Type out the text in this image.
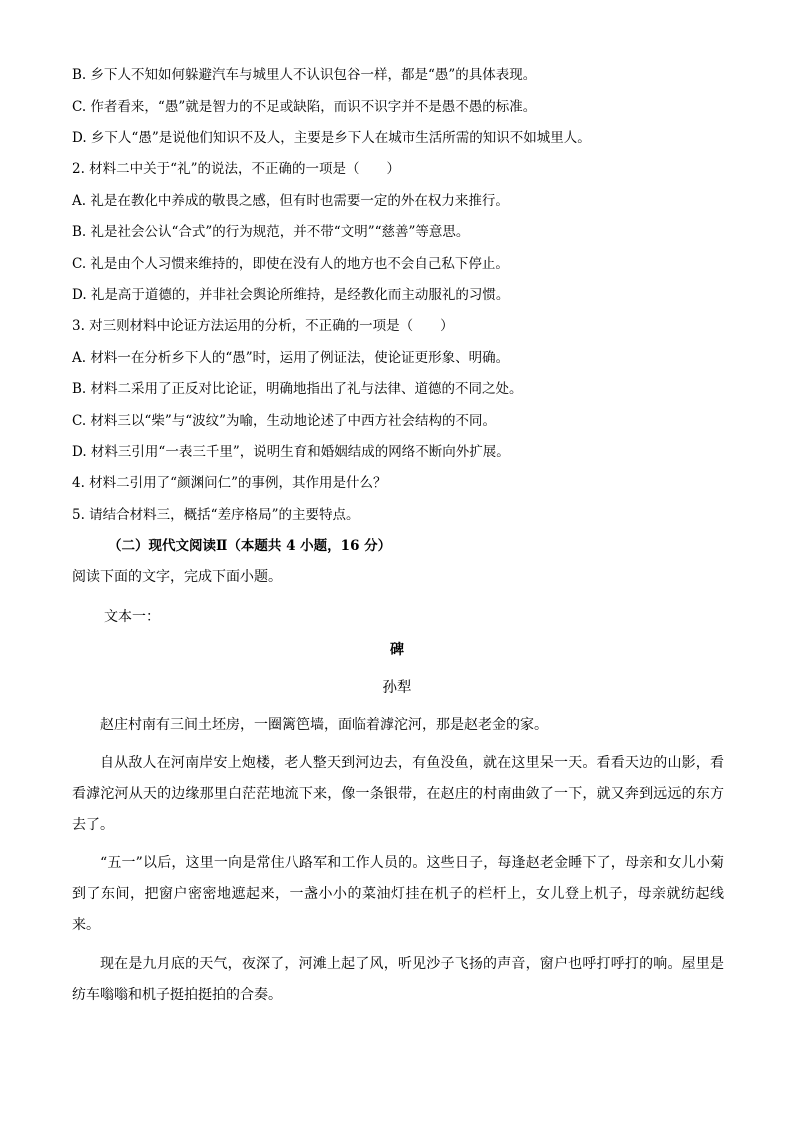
B. 乡下人不知如何躲避汽车与城里人不认识包谷一样，都是“愚”的具体表现。
C. 作者看来，“愚”就是智力的不足或缺陷，而识不识字并不是愚不愚的标准。
D. 乡下人“愚”是说他们知识不及人，主要是乡下人在城市生活所需的知识不如城里人。
2. 材料二中关于“礼”的说法，不正确的一项是（　　）
A. 礼是在教化中养成的敬畏之感，但有时也需要一定的外在权力来推行。
B. 礼是社会公认“合式”的行为规范，并不带“文明”“慈善”等意思。
C. 礼是由个人习惯来维持的，即使在没有人的地方也不会自己私下停止。
D. 礼是高于道德的，并非社会舆论所维持，是经教化而主动服礼的习惯。
3. 对三则材料中论证方法运用的分析，不正确的一项是（　　）
A. 材料一在分析乡下人的“愚”时，运用了例证法，使论证更形象、明确。
B. 材料二采用了正反对比论证，明确地指出了礼与法律、道德的不同之处。
C. 材料三以“柴”与“波纹”为喻，生动地论述了中西方社会结构的不同。
D. 材料三引用“一表三千里”，说明生育和婚姻结成的网络不断向外扩展。
4. 材料二引用了“颜渊问仁”的事例，其作用是什么？
5. 请结合材料三，概括“差序格局”的主要特点。
（二）现代文阅读Ⅱ（本题共 4 小题，16 分）
阅读下面的文字，完成下面小题。
文本一：
碑
孙犁
赵庄村南有三间土坯房，一圈篱笆墙，面临着滹沱河，那是赵老金的家。
自从敌人在河南岸安上炮楼，老人整天到河边去，有鱼没鱼，就在这里呆一天。看看天边的山影，看看滹沱河从天的边缘那里白茫茫地流下来，像一条银带，在赵庄的村南曲敛了一下，就又奔到远远的东方去了。
“五一”以后，这里一向是常住八路军和工作人员的。这些日子，每逢赵老金睡下了，母亲和女儿小菊到了东间，把窗户密密地遮起来，一盏小小的菜油灯挂在机子的栏杆上，女儿登上机子，母亲就纺起线来。
现在是九月底的天气，夜深了，河滩上起了风，听见沙子飞扬的声音，窗户也呼打呼打的响。屋里是纺车嗡嗡和机子挺拍挺拍的合奏。
